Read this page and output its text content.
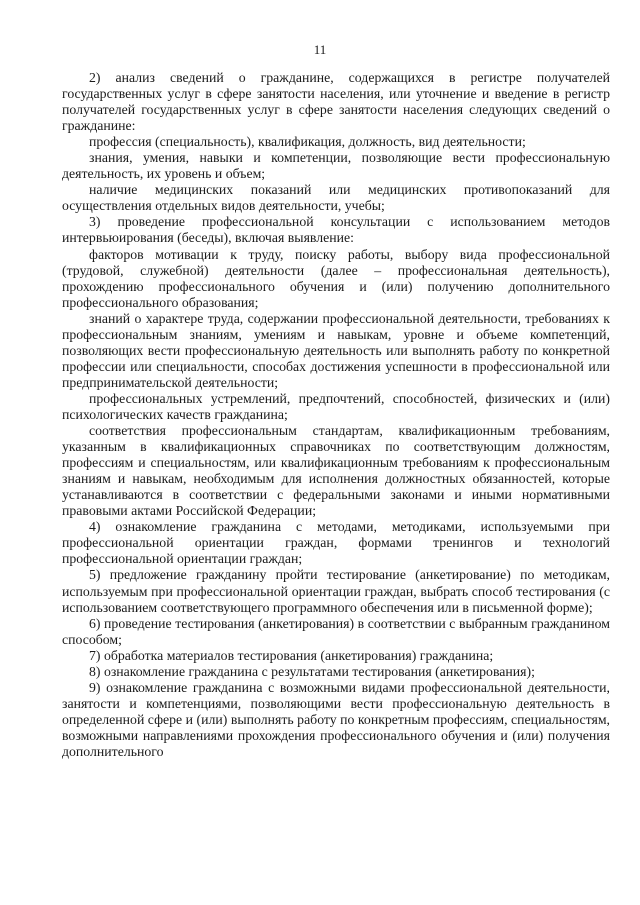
11

2) анализ сведений о гражданине, содержащихся в регистре получателей государственных услуг в сфере занятости населения, или уточнение и введение в регистр получателей государственных услуг в сфере занятости населения следующих сведений о гражданине:

профессия (специальность), квалификация, должность, вид деятельности;

знания, умения, навыки и компетенции, позволяющие вести профессиональную деятельность, их уровень и объем;

наличие медицинских показаний или медицинских противопоказаний для осуществления отдельных видов деятельности, учебы;

3) проведение профессиональной консультации с использованием методов интервьюирования (беседы), включая выявление:

факторов мотивации к труду, поиску работы, выбору вида профессиональной (трудовой, служебной) деятельности (далее – профессиональная деятельность), прохождению профессионального обучения и (или) получению дополнительного профессионального образования;

знаний о характере труда, содержании профессиональной деятельности, требованиях к профессиональным знаниям, умениям и навыкам, уровне и объеме компетенций, позволяющих вести профессиональную деятельность или выполнять работу по конкретной профессии или специальности, способах достижения успешности в профессиональной или предпринимательской деятельности;

профессиональных устремлений, предпочтений, способностей, физических и (или) психологических качеств гражданина;

соответствия профессиональным стандартам, квалификационным требованиям, указанным в квалификационных справочниках по соответствующим должностям, профессиям и специальностям, или квалификационным требованиям к профессиональным знаниям и навыкам, необходимым для исполнения должностных обязанностей, которые устанавливаются в соответствии с федеральными законами и иными нормативными правовыми актами Российской Федерации;

4) ознакомление гражданина с методами, методиками, используемыми при профессиональной ориентации граждан, формами тренингов и технологий профессиональной ориентации граждан;

5) предложение гражданину пройти тестирование (анкетирование) по методикам, используемым при профессиональной ориентации граждан, выбрать способ тестирования (с использованием соответствующего программного обеспечения или в письменной форме);

6) проведение тестирования (анкетирования) в соответствии с выбранным гражданином способом;

7) обработка материалов тестирования (анкетирования) гражданина;

8) ознакомление гражданина с результатами тестирования (анкетирования);

9) ознакомление гражданина с возможными видами профессиональной деятельности, занятости и компетенциями, позволяющими вести профессиональную деятельность в определенной сфере и (или) выполнять работу по конкретным профессиям, специальностям, возможными направлениями прохождения профессионального обучения и (или) получения дополнительного
